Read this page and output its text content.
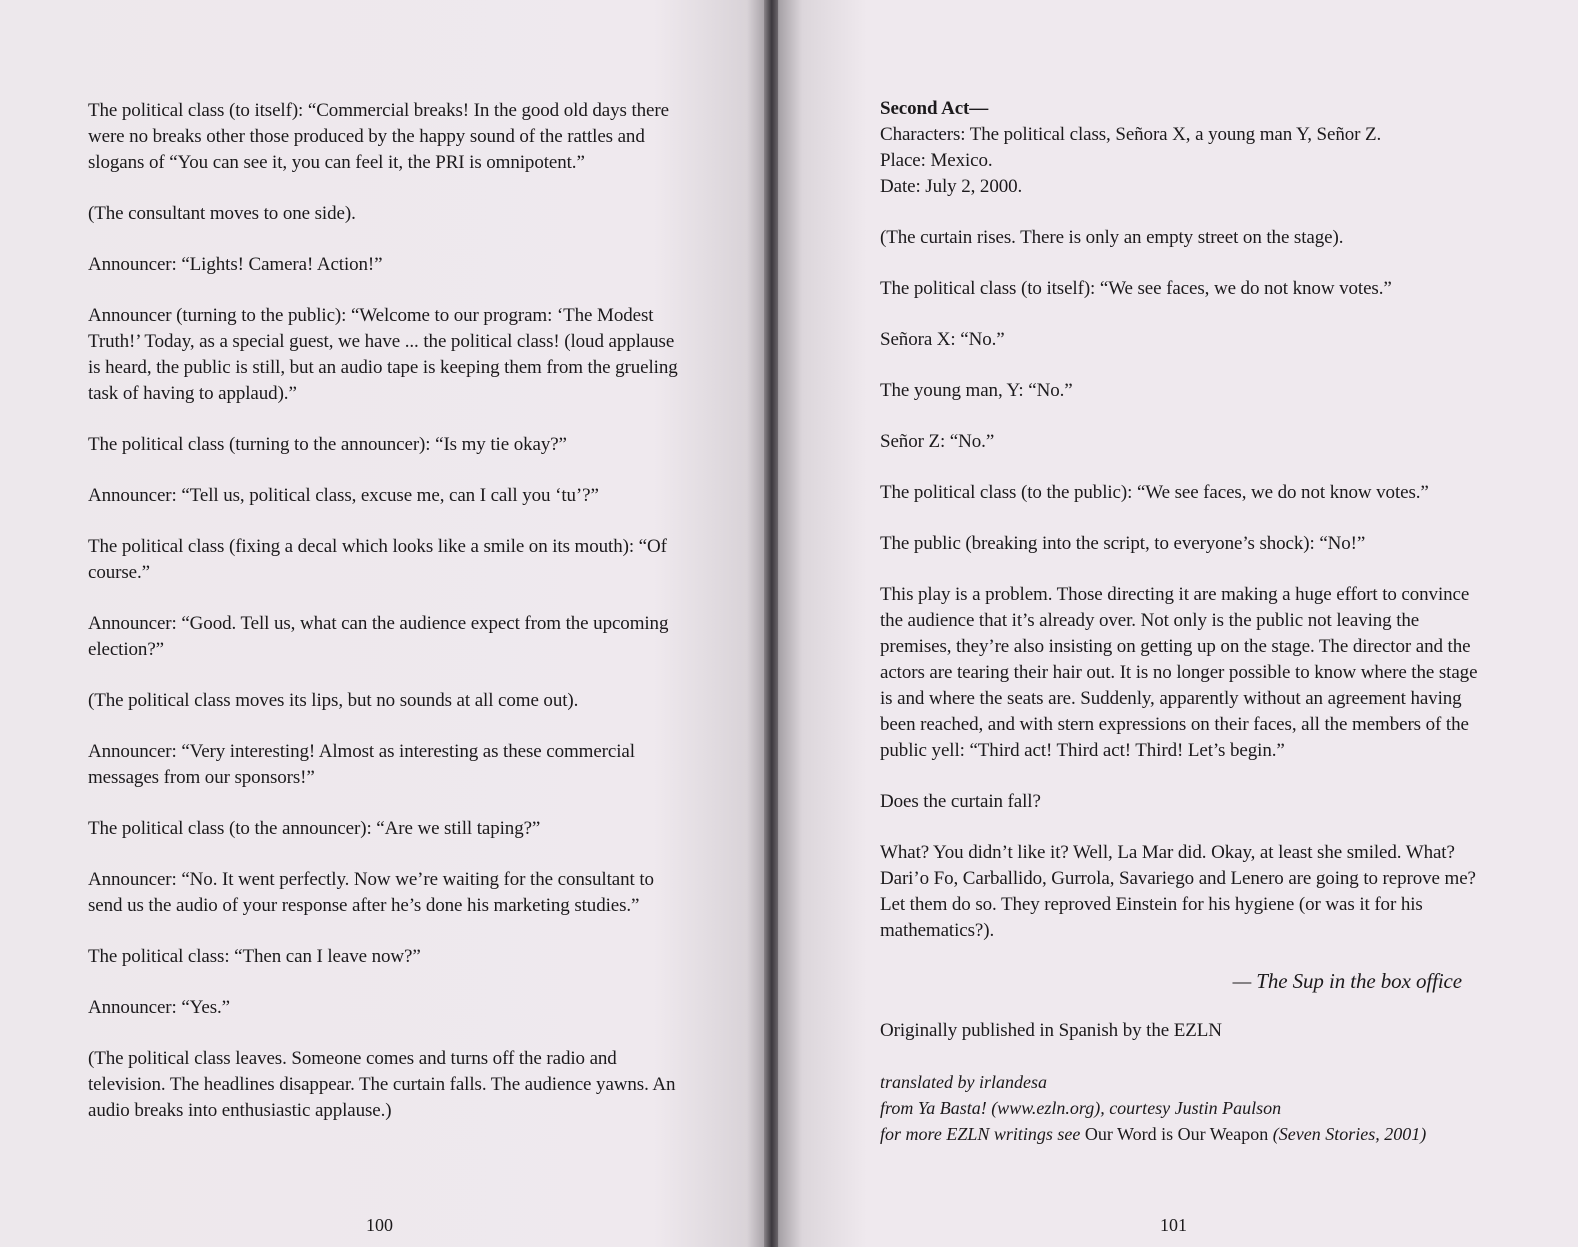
The political class (to itself): “Commercial breaks! In the good old days there were no breaks other those produced by the happy sound of the rattles and slogans of “You can see it, you can feel it, the PRI is omnipotent.”

(The consultant moves to one side).

Announcer: “Lights! Camera! Action!”

Announcer (turning to the public): “Welcome to our program: ‘The Modest Truth!’ Today, as a special guest, we have ... the political class! (loud applause is heard, the public is still, but an audio tape is keeping them from the grueling task of having to applaud).”

The political class (turning to the announcer): “Is my tie okay?”

Announcer: “Tell us, political class, excuse me, can I call you ‘tu’?”

The political class (fixing a decal which looks like a smile on its mouth): “Of course.”

Announcer: “Good. Tell us, what can the audience expect from the upcoming election?”

(The political class moves its lips, but no sounds at all come out).

Announcer: “Very interesting! Almost as interesting as these commercial messages from our sponsors!”

The political class (to the announcer): “Are we still taping?”

Announcer: “No. It went perfectly. Now we’re waiting for the consultant to send us the audio of your response after he’s done his marketing studies.”

The political class: “Then can I leave now?”

Announcer: “Yes.”

(The political class leaves. Someone comes and turns off the radio and television. The headlines disappear. The curtain falls. The audience yawns. An audio breaks into enthusiastic applause.)

100

Second Act—

Characters: The political class, Señora X, a young man Y, Señor Z.

Place: Mexico.

Date: July 2, 2000.

(The curtain rises. There is only an empty street on the stage).

The political class (to itself): “We see faces, we do not know votes.”

Señora X: “No.”

The young man, Y: “No.”

Señor Z: “No.”

The political class (to the public): “We see faces, we do not know votes.”

The public (breaking into the script, to everyone’s shock): “No!”

This play is a problem. Those directing it are making a huge effort to convince the audience that it’s already over. Not only is the public not leaving the premises, they’re also insisting on getting up on the stage. The director and the actors are tearing their hair out. It is no longer possible to know where the stage is and where the seats are. Suddenly, apparently without an agreement having been reached, and with stern expressions on their faces, all the members of the public yell: “Third act! Third act! Third! Let’s begin.”

Does the curtain fall?

What? You didn’t like it? Well, La Mar did. Okay, at least she smiled. What? Dari’o Fo, Carballido, Gurrola, Savariego and Lenero are going to reprove me? Let them do so. They reproved Einstein for his hygiene (or was it for his mathematics?).

— The Sup in the box office

Originally published in Spanish by the EZLN

translated by irlandesa

from Ya Basta! (www.ezln.org), courtesy Justin Paulson

for more EZLN writings see Our Word is Our Weapon (Seven Stories, 2001)

101
